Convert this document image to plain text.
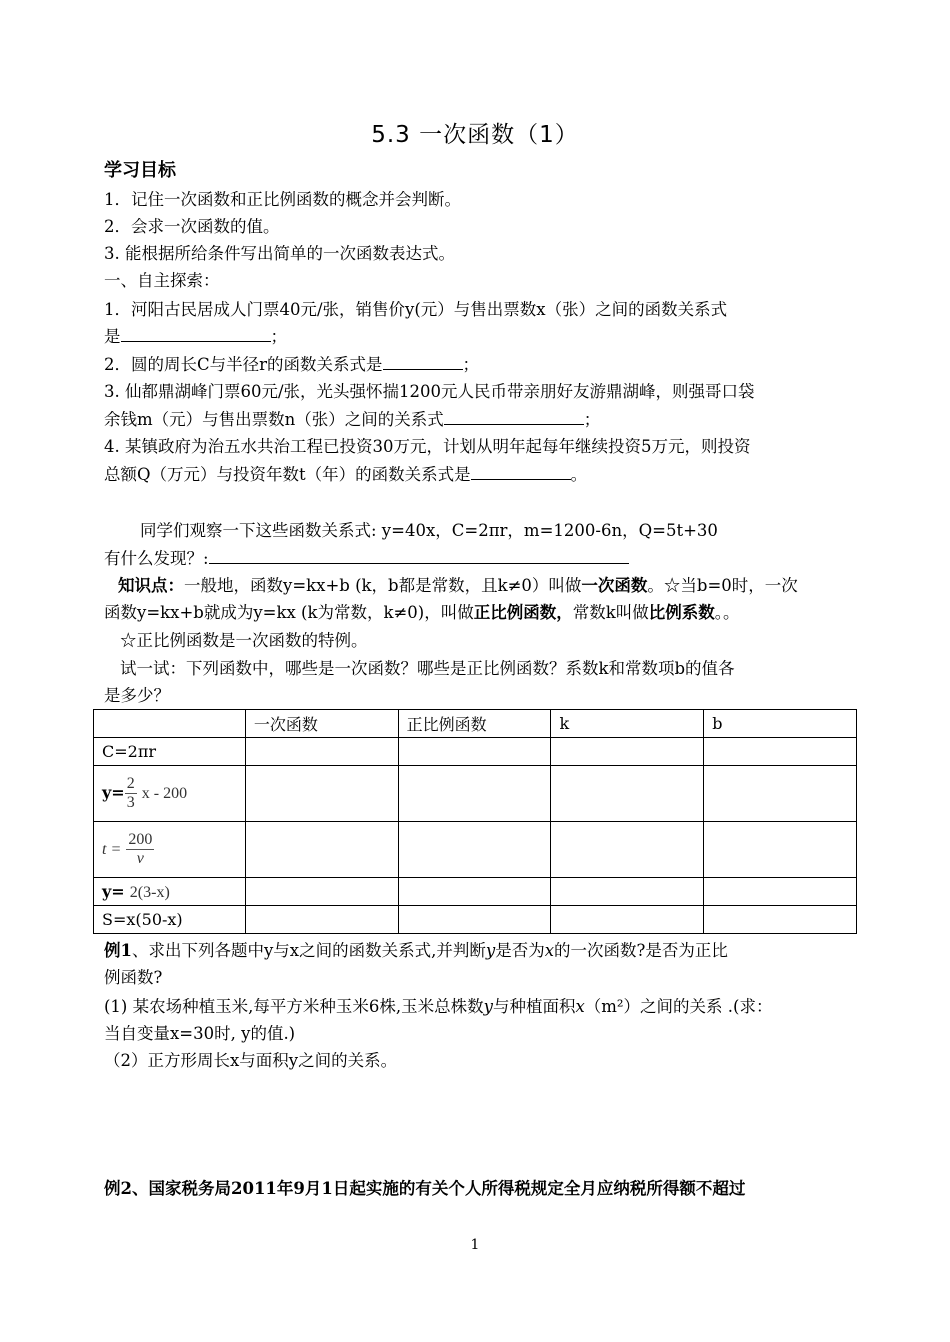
5.3 一次函数（1）
学习目标
1．记住一次函数和正比例函数的概念并会判断。
2．会求一次函数的值。
3. 能根据所给条件写出简单的一次函数表达式。
一、自主探索：
1．河阳古民居成人门票40元/张，销售价y(元）与售出票数x（张）之间的函数关系式
是	；
2．圆的周长C与半径r的函数关系式是	；
3. 仙都鼎湖峰门票60元/张，光头强怀揣1200元人民币带亲朋好友游鼎湖峰，则强哥口袋
余钱m（元）与售出票数n（张）之间的关系式	；
4. 某镇政府为治五水共治工程已投资30万元，计划从明年起每年继续投资5万元，则投资
总额Q（万元）与投资年数t（年）的函数关系式是	。
同学们观察一下这些函数关系式: y=40x，C=2πr，m=1200-6n，Q=5t+30
有什么发现？:
知识点：一般地，函数y=kx+b (k，b都是常数，且k≠0）叫做一次函数。☆当b=0时，一次
函数y=kx+b就成为y=kx (k为常数，k≠0)，叫做正比例函数，常数k叫做比例系数。。
☆正比例函数是一次函数的特例。
试一试：下列函数中，哪些是一次函数？哪些是正比例函数？系数k和常数项b的值各
是多少？
	一次函数	正比例函数	k	b
C=2πr				
$y= \frac{2}{3}$ x - 200				
$t = \frac{200}{v}$

y= 2(3-x)				
S=x(50-x)				
例1、求出下列各题中y与x之间的函数关系式,并判断y是否为x的一次函数?是否为正比
例函数?
(1) 某农场种植玉米,每平方米种玉米6株,玉米总株数y与种植面积x（m²）之间的关系 .(求：
当自变量x=30时, y的值.)
（2）正方形周长x与面积y之间的关系。
例2、国家税务局2011年9月1日起实施的有关个人所得税规定全月应纳税所得额不超过
1
